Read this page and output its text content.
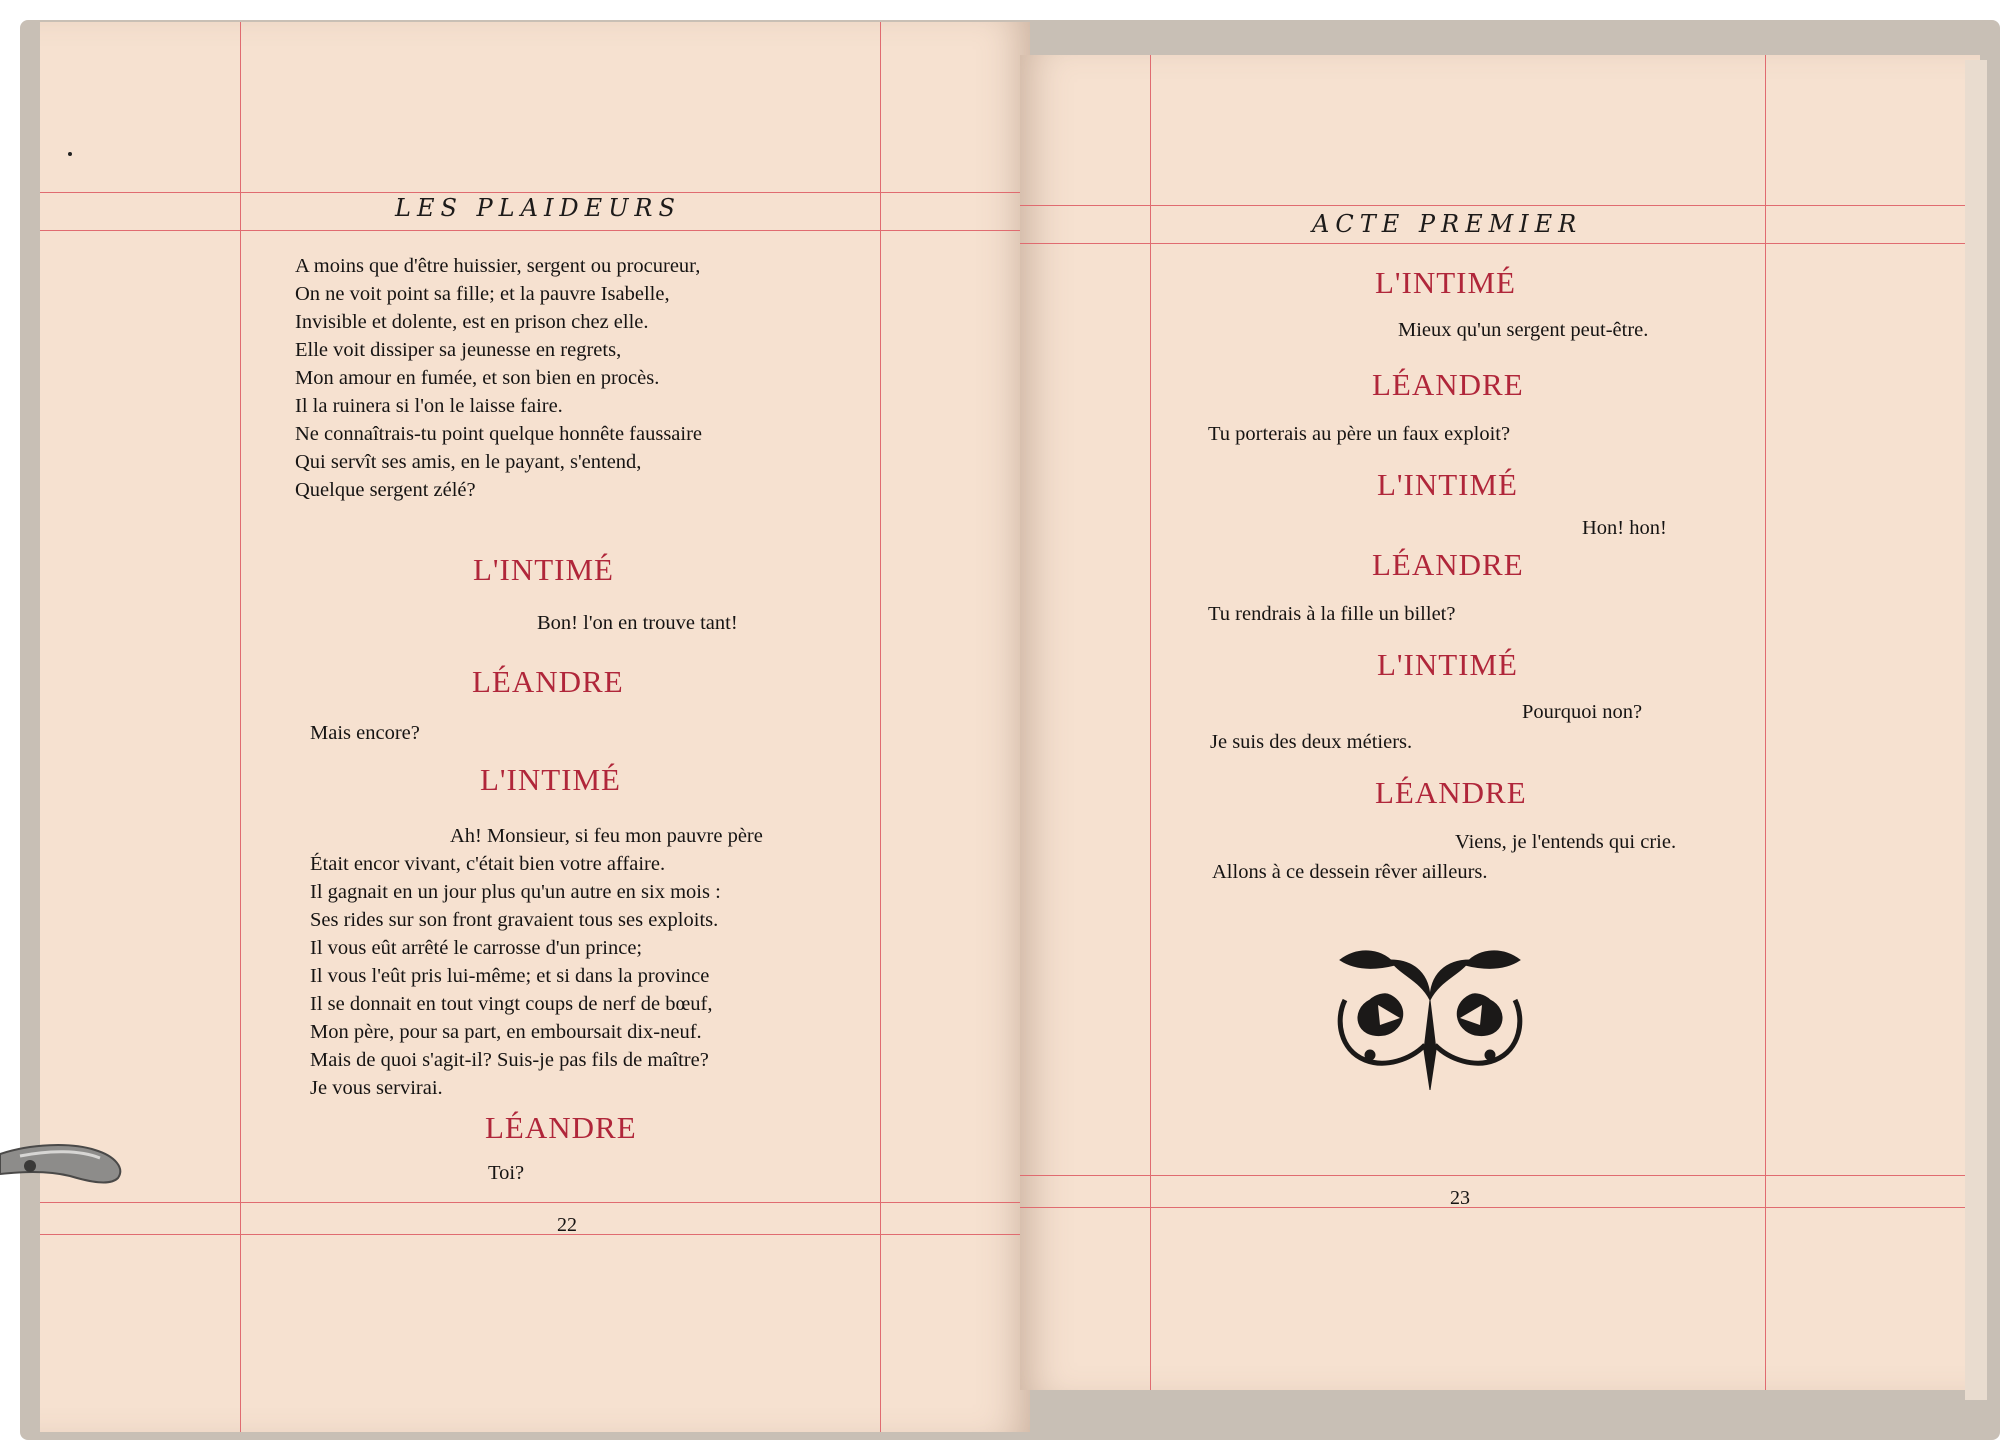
LES PLAIDEURS
A moins que d'être huissier, sergent ou procureur,
On ne voit point sa fille; et la pauvre Isabelle,
Invisible et dolente, est en prison chez elle.
Elle voit dissiper sa jeunesse en regrets,
Mon amour en fumée, et son bien en procès.
Il la ruinera si l'on le laisse faire.
Ne connaîtrais-tu point quelque honnête faussaire
Qui servît ses amis, en le payant, s'entend,
Quelque sergent zélé?
L'INTIMÉ
Bon! l'on en trouve tant!
LÉANDRE
Mais encore?
L'INTIMÉ
Ah! Monsieur, si feu mon pauvre père
Était encor vivant, c'était bien votre affaire.
Il gagnait en un jour plus qu'un autre en six mois :
Ses rides sur son front gravaient tous ses exploits.
Il vous eût arrêté le carrosse d'un prince;
Il vous l'eût pris lui-même; et si dans la province
Il se donnait en tout vingt coups de nerf de bœuf,
Mon père, pour sa part, en emboursait dix-neuf.
Mais de quoi s'agit-il? Suis-je pas fils de maître?
Je vous servirai.
LÉANDRE
Toi?
22
ACTE PREMIER
L'INTIMÉ
Mieux qu'un sergent peut-être.
LÉANDRE
Tu porterais au père un faux exploit?
L'INTIMÉ
Hon! hon!
LÉANDRE
Tu rendrais à la fille un billet?
L'INTIMÉ
Pourquoi non?
Je suis des deux métiers.
LÉANDRE
Viens, je l'entends qui crie.
Allons à ce dessein rêver ailleurs.
23
